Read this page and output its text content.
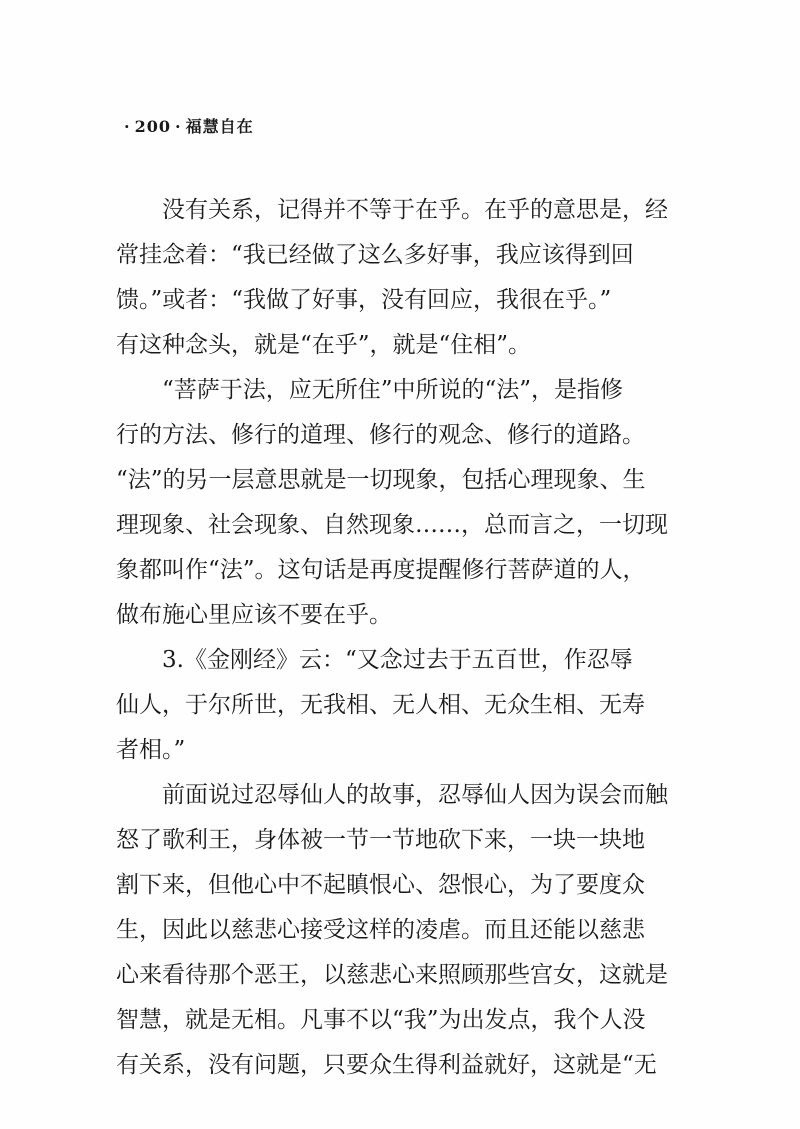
· 200 · 福慧自在

　　没有关系，记得并不等于在乎。在乎的意思是，经

常挂念着：“我已经做了这么多好事，我应该得到回

馈。”或者：“我做了好事，没有回应，我很在乎。”

有这种念头，就是“在乎”，就是“住相”。

　　“菩萨于法，应无所住”中所说的“法”，是指修

行的方法、修行的道理、修行的观念、修行的道路。

“法”的另一层意思就是一切现象，包括心理现象、生

理现象、社会现象、自然现象……，总而言之，一切现

象都叫作“法”。这句话是再度提醒修行菩萨道的人，

做布施心里应该不要在乎。

　　3.《金刚经》云：“又念过去于五百世，作忍辱

仙人，于尔所世，无我相、无人相、无众生相、无寿

者相。”

　　前面说过忍辱仙人的故事，忍辱仙人因为误会而触

怒了歌利王，身体被一节一节地砍下来，一块一块地

割下来，但他心中不起瞋恨心、怨恨心，为了要度众

生，因此以慈悲心接受这样的凌虐。而且还能以慈悲

心来看待那个恶王，以慈悲心来照顾那些宫女，这就是

智慧，就是无相。凡事不以“我”为出发点，我个人没

有关系，没有问题，只要众生得利益就好，这就是“无
